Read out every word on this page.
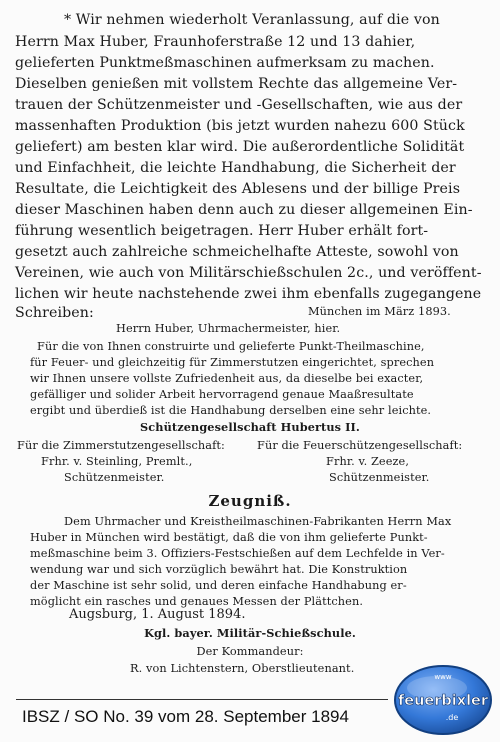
* Wir nehmen wiederholt Veranlassung, auf die von
Herrn Max Huber, Fraunhoferstraße 12 und 13 dahier,
gelieferten Punktmeßmaschinen aufmerksam zu machen.
Dieselben genießen mit vollstem Rechte das allgemeine Ver-
trauen der Schützenmeister und -Gesellschaften, wie aus der
massenhaften Produktion (bis jetzt wurden nahezu 600 Stück
geliefert) am besten klar wird. Die außerordentliche Solidität
und Einfachheit, die leichte Handhabung, die Sicherheit der
Resultate, die Leichtigkeit des Ablesens und der billige Preis
dieser Maschinen haben denn auch zu dieser allgemeinen Ein-
führung wesentlich beigetragen. Herr Huber erhält fort-
gesetzt auch zahlreiche schmeichelhafte Atteste, sowohl von
Vereinen, wie auch von Militärschießschulen 2c., und veröffent-
lichen wir heute nachstehende zwei ihm ebenfalls zugegangene
Schreiben:	München im März 1893.
Herrn Huber, Uhrmachermeister, hier.
Für die von Ihnen construirte und gelieferte Punkt-Theilmaschine,
für Feuer- und gleichzeitig für Zimmerstutzen eingerichtet, sprechen
wir Ihnen unsere vollste Zufriedenheit aus, da dieselbe bei exacter,
gefälliger und solider Arbeit hervorragend genaue Maaßresultate
ergibt und überdieß ist die Handhabung derselben eine sehr leichte.
Schützengesellschaft Hubertus II.
Für die Zimmerstutzengesellschaft:
Frhr. v. Steinling, Premlt.,
Schützenmeister.
Für die Feuerschützengesellschaft:
Frhr. v. Zeeze,
Schützenmeister.
Zeugniß.
Dem Uhrmacher und Kreistheilmaschinen-Fabrikanten Herrn Max
Huber in München wird bestätigt, daß die von ihm gelieferte Punkt-
meßmaschine beim 3. Offiziers-Festschießen auf dem Lechfelde in Ver-
wendung war und sich vorzüglich bewährt hat. Die Konstruktion
der Maschine ist sehr solid, und deren einfache Handhabung er-
möglicht ein rasches und genaues Messen der Plättchen.
Augsburg, 1. August 1894.
Kgl. bayer. Militär-Schießschule.
Der Kommandeur:
R. von Lichtenstern, Oberstlieutenant.
IBSZ / SO No. 39 vom 28. September 1894
www
feuerbixler
.de
